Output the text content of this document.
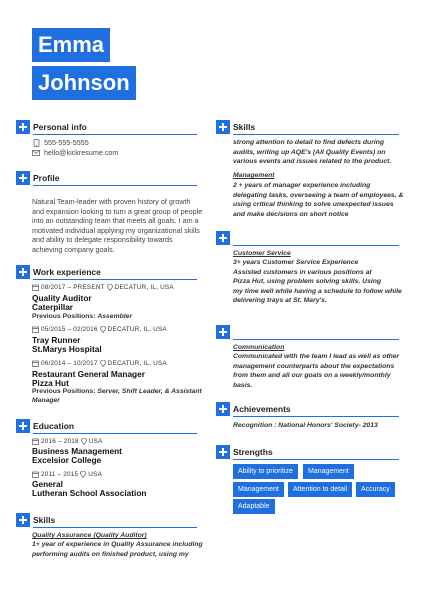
Emma
Johnson
Personal info
555-555-5555
hello@kickresume.com
Profile
Natural Team-leader with proven history of growth
and expansion looking to turn a great group of people
into an outstanding team that meets all goals. I am a
motivated individual applying my organizational skills
and ability to delegate responsibility towards
achieving company goals.
Work experience
08/2017 – PRESENT DECATUR, IL, USA
Quality Auditor
Caterpillar
Previous Positions: Assembler
05/2015 – 02/2016 DECATUR, IL, USA
Tray Runner
St.Marys Hospital
06/2014 – 10/2017 DECATUR, IL, USA
Restaurant General Manager
Pizza Hut
Previous Positions: Server, Shift Leader, & Assistant
Manager
Education
2016 – 2018 USA
Business Management
Excelsior College
2011 – 2015 USA
General
Lutheran School Association
Skills
Quality Assurance (Quality Auditor)
1+ year of experience in Quality Assurance including
performing audits on finished product, using my
Skills
strong attention to detail to find defects during
audits, writing up AQE's (All Quality Events) on
various events and issues related to the product.
Management
2 + years of manager experience including
delegating tasks, overseeing a team of employees, &
using critical thinking to solve unexpected issues
and make decisions on short notice
Customer Service
3+ years Customer Service Experience
Assisted customers in various positions at
Pizza Hut, using problem solving skills. Using
my time well while having a schedule to follow while
delivering trays at St. Mary's.
Communication
Communicated with the team I lead as well as other
management counterparts about the expectations
from them and all our goals on a weekly/monthly
basis.
Achievements
Recognition : National Honors' Society- 2013
Strengths
Ability to prioritize	Management
Management	Attention to detail	Accuracy
Adaptable
